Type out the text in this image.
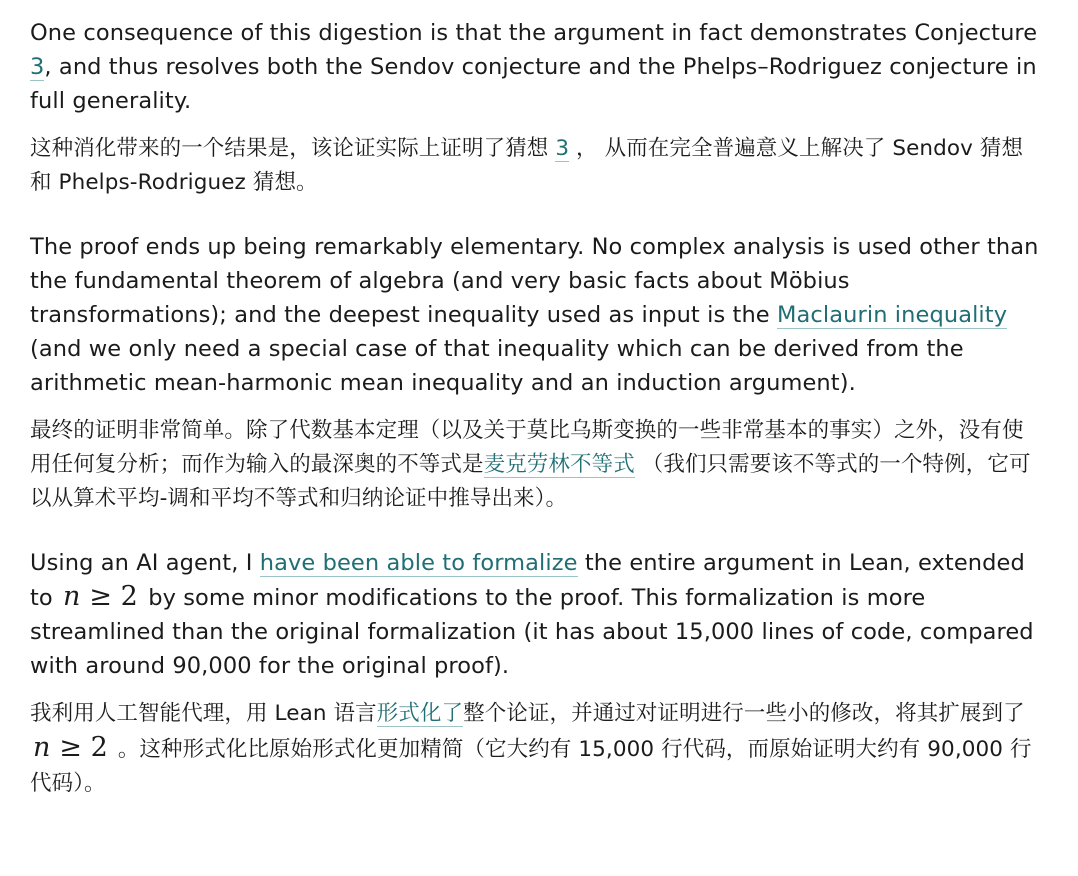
One consequence of this digestion is that the argument in fact demonstrates Conjecture 3, and thus resolves both the Sendov conjecture and the Phelps–Rodriguez conjecture in full generality.

这种消化带来的一个结果是，该论证实际上证明了猜想 3 ， 从而在完全普遍意义上解决了 Sendov 猜想和 Phelps-Rodriguez 猜想。

The proof ends up being remarkably elementary. No complex analysis is used other than the fundamental theorem of algebra (and very basic facts about Möbius transformations); and the deepest inequality used as input is the Maclaurin inequality (and we only need a special case of that inequality which can be derived from the arithmetic mean-harmonic mean inequality and an induction argument).

最终的证明非常简单。除了代数基本定理（以及关于莫比乌斯变换的一些非常基本的事实）之外，没有使用任何复分析；而作为输入的最深奥的不等式是麦克劳林不等式 （我们只需要该不等式的一个特例，它可以从算术平均-调和平均不等式和归纳论证中推导出来）。

Using an AI agent, I have been able to formalize the entire argument in Lean, extended to n ≥ 2 by some minor modifications to the proof. This formalization is more streamlined than the original formalization (it has about 15,000 lines of code, compared with around 90,000 for the original proof).

我利用人工智能代理，用 Lean 语言形式化了整个论证，并通过对证明进行一些小的修改，将其扩展到了 n ≥ 2 。这种形式化比原始形式化更加精简（它大约有 15,000 行代码，而原始证明大约有 90,000 行代码）。
